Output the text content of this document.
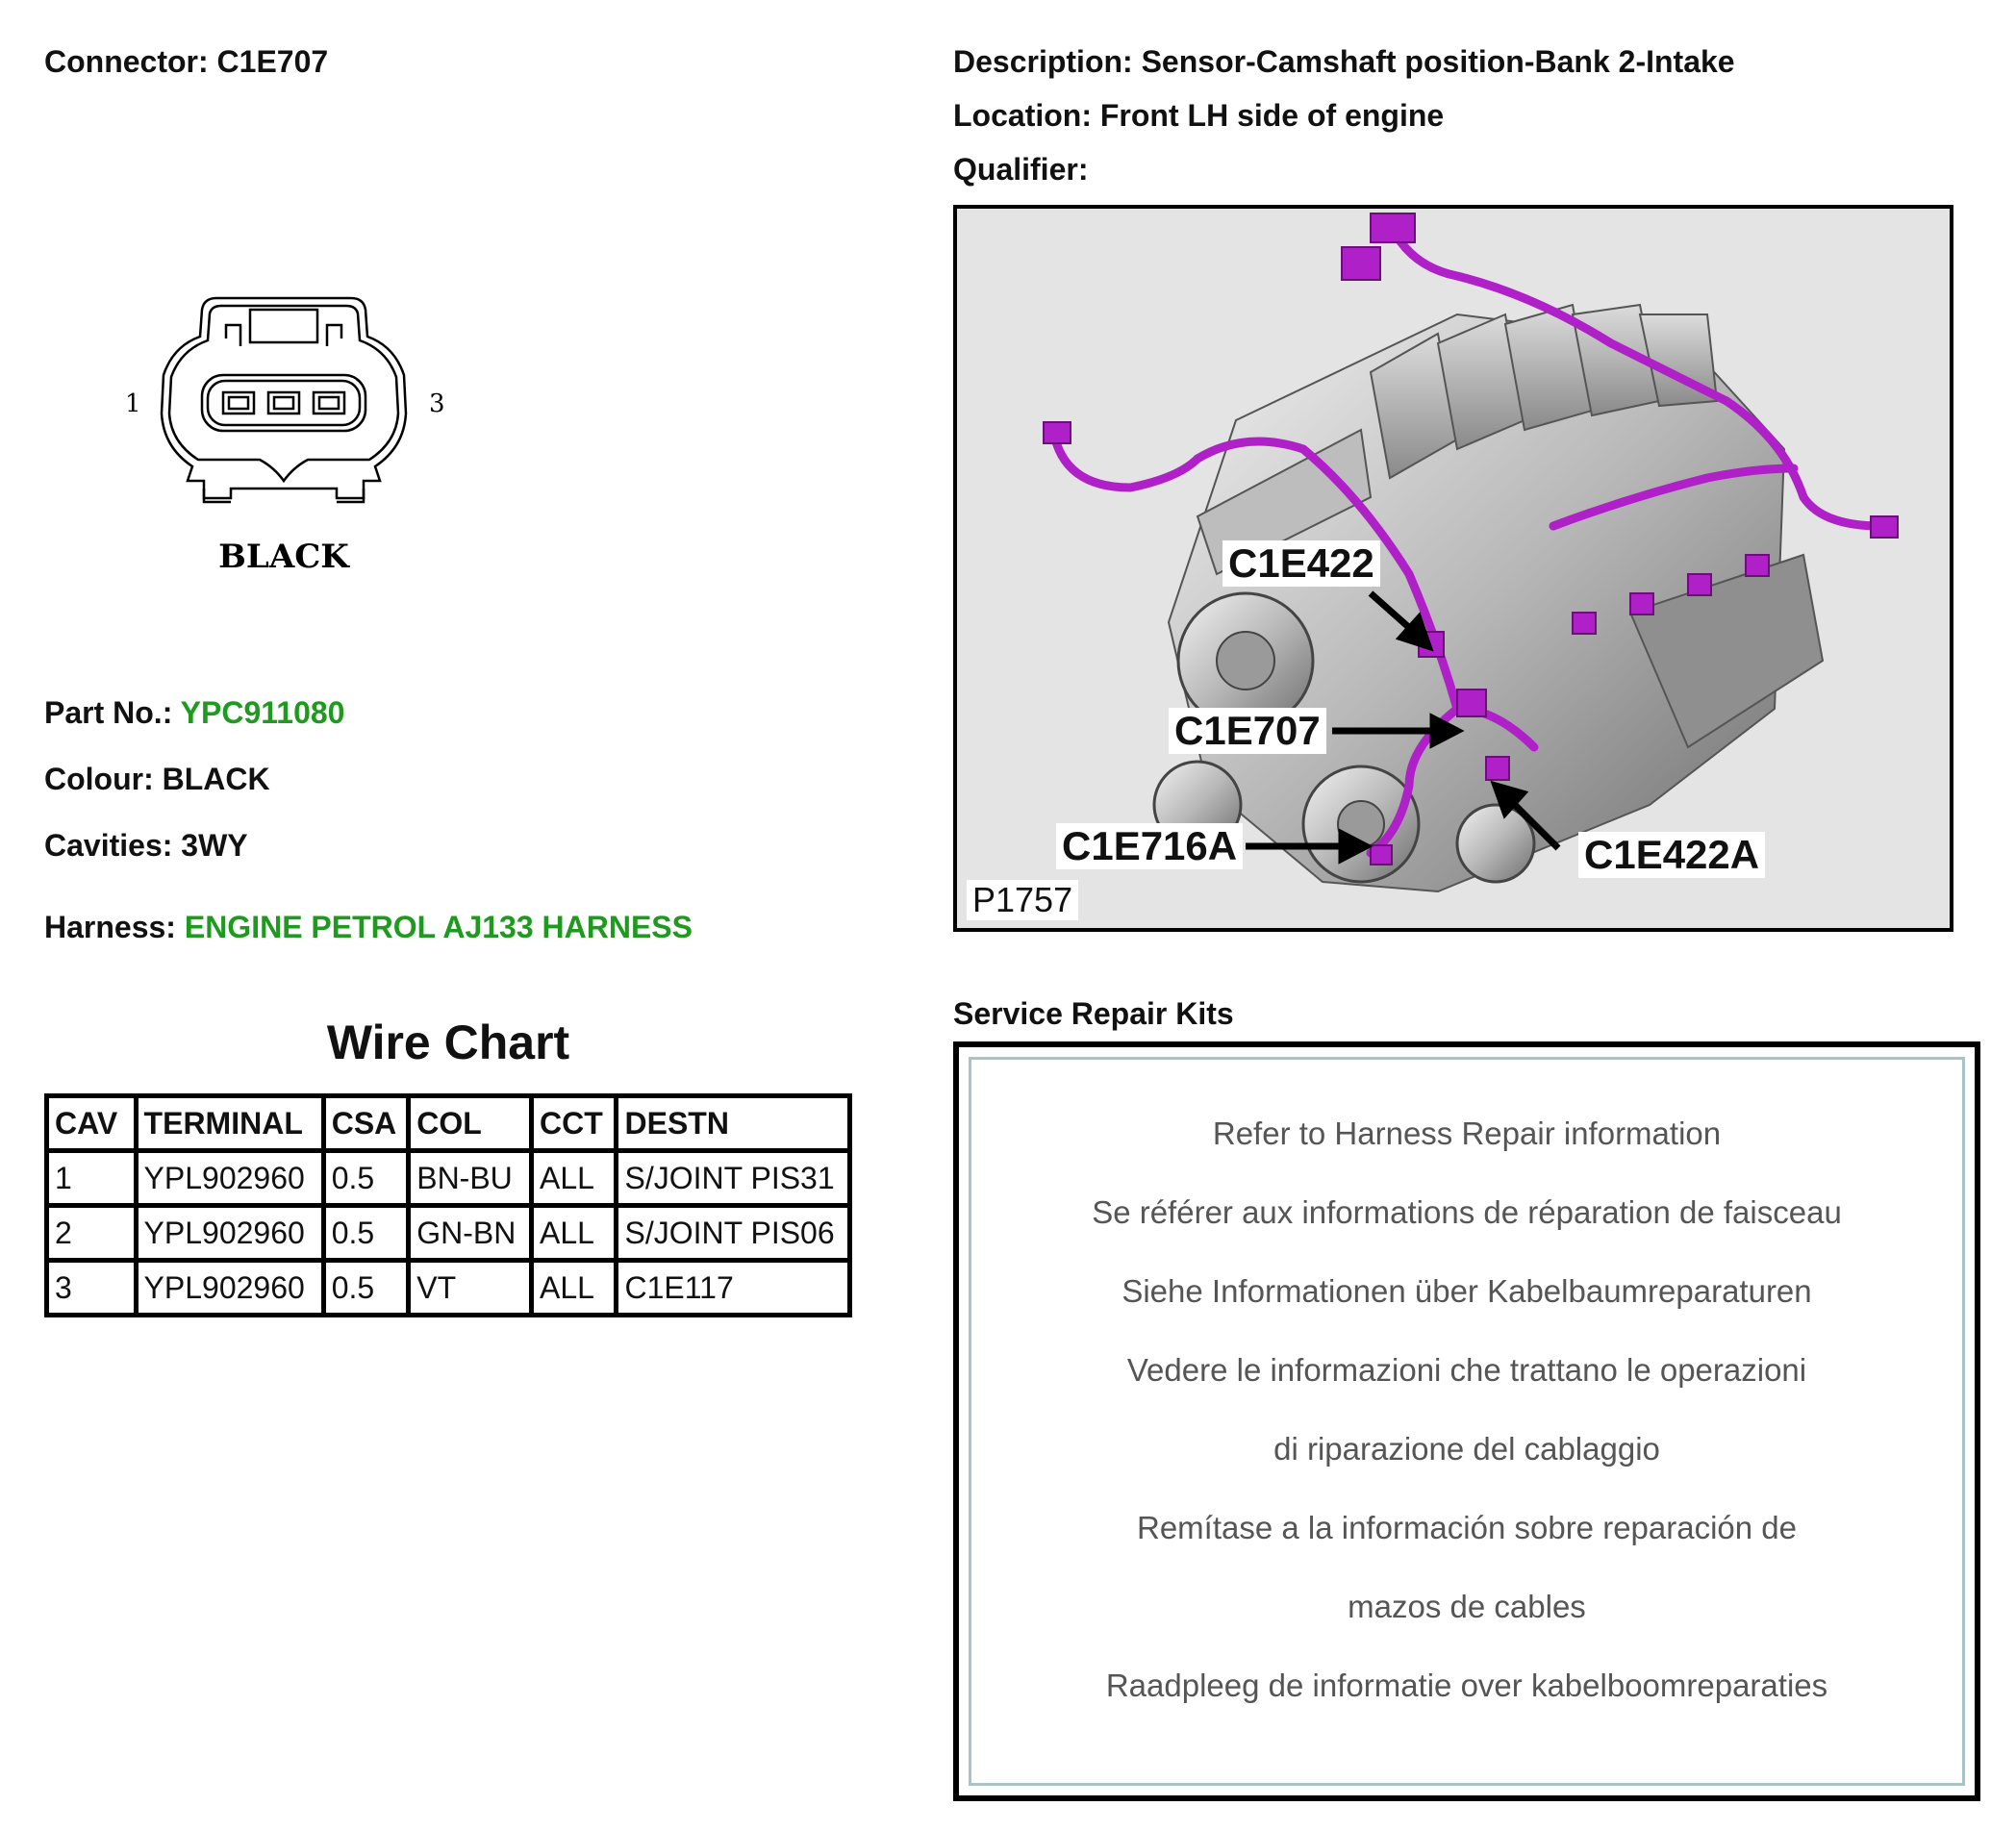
Connector: C1E707	Description: Sensor-Camshaft position-Bank 2-Intake
Location: Front LH side of engine
Qualifier:
1	3
BLACK
Part No.: YPC911080
Colour: BLACK
Cavities: 3WY
Harness: ENGINE PETROL AJ133 HARNESS
Wire Chart
CAV	TERMINAL	CSA	COL	CCT	DESTN
1	YPL902960	0.5	BN-BU	ALL	S/JOINT PIS31
2	YPL902960	0.5	GN-BN	ALL	S/JOINT PIS06
3	YPL902960	0.5	VT	ALL	C1E117
C1E422
C1E707
C1E716A	C1E422A
P1757
Service Repair Kits
Refer to Harness Repair information
Se référer aux informations de réparation de faisceau
Siehe Informationen über Kabelbaumreparaturen
Vedere le informazioni che trattano le operazioni
di riparazione del cablaggio
Remítase a la información sobre reparación de
mazos de cables
Raadpleeg de informatie over kabelboomreparaties
